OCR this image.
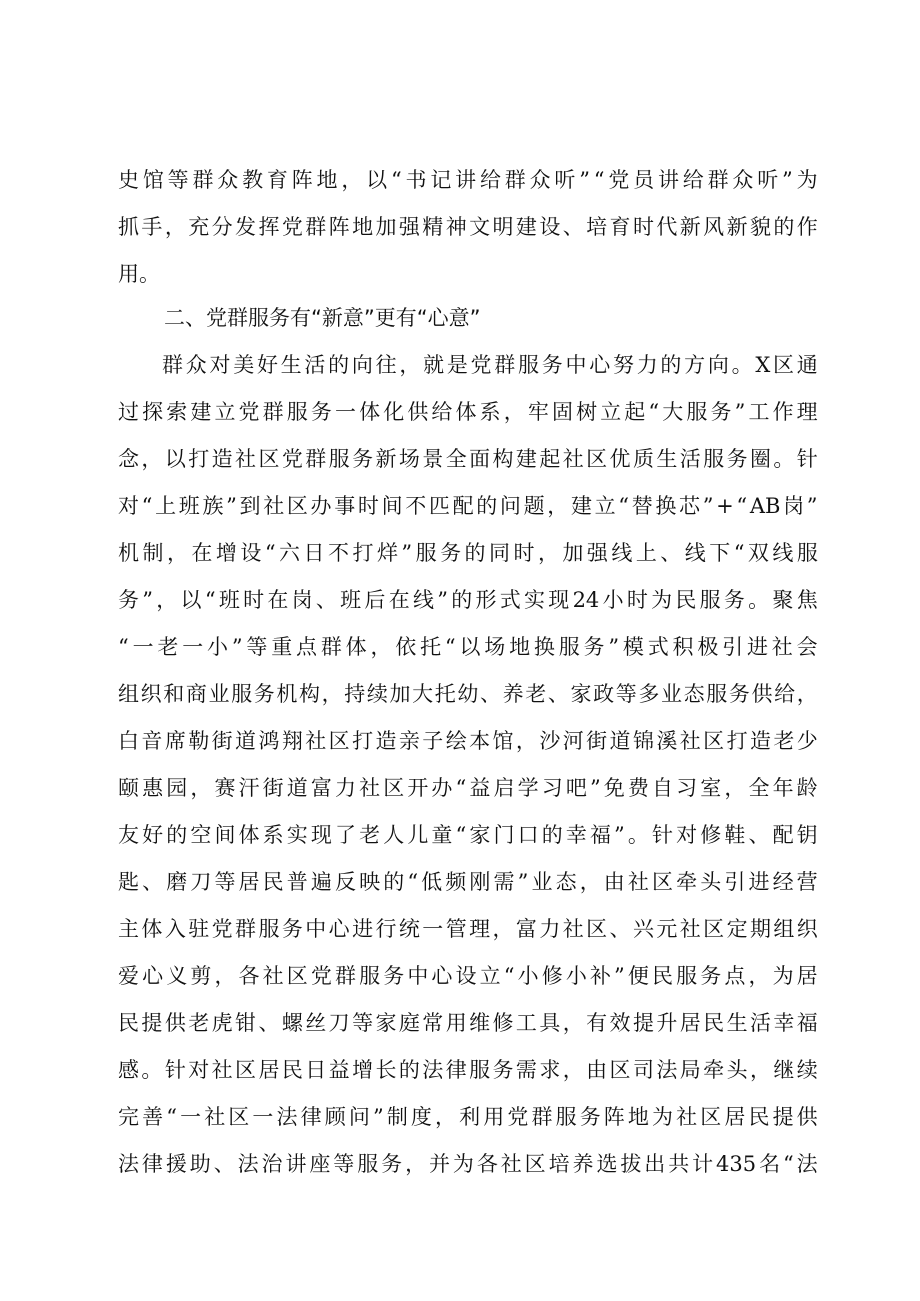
史 馆 等 群 众 教 育 阵 地 ， 以 “ 书 记 讲 给 群 众 听 ” “ 党 员 讲 给 群 众 听 ” 为
抓 手 ， 充 分 发 挥 党 群 阵 地 加 强 精 神 文 明 建 设 、 培 育 时 代 新 风 新 貌 的 作
用。
二、党群服务有“新意”更有“心意”
群 众 对 美 好 生 活 的 向 往 ， 就 是 党 群 服 务 中 心 努 力 的 方 向 。 X 区 通
过 探 索 建 立 党 群 服 务 一 体 化 供 给 体 系 ， 牢 固 树 立 起 “ 大 服 务 ” 工 作 理
念 ， 以 打 造 社 区 党 群 服 务 新 场 景 全 面 构 建 起 社 区 优 质 生 活 服 务 圈 。 针
对 “ 上 班 族 ” 到 社 区 办 事 时 间 不 匹 配 的 问 题 ， 建 立 “ 替 换 芯 ” + “ AB 岗 ”
机 制 ， 在 增 设 “ 六 日 不 打 烊 ” 服 务 的 同 时 ， 加 强 线 上 、 线 下 “ 双 线 服
务 ” ， 以 “ 班 时 在 岗 、 班 后 在 线 ” 的 形 式 实 现 24 小 时 为 民 服 务 。 聚 焦
“ 一 老 一 小 ” 等 重 点 群 体 ， 依 托 “ 以 场 地 换 服 务 ” 模 式 积 极 引 进 社 会
组 织 和 商 业 服 务 机 构 ， 持 续 加 大 托 幼 、 养 老 、 家 政 等 多 业 态 服 务 供 给 ，
白 音 席 勒 街 道 鸿 翔 社 区 打 造 亲 子 绘 本 馆 ， 沙 河 街 道 锦 溪 社 区 打 造 老 少
颐 惠 园 ， 赛 汗 街 道 富 力 社 区 开 办 “ 益 启 学 习 吧 ” 免 费 自 习 室 ， 全 年 龄
友 好 的 空 间 体 系 实 现 了 老 人 儿 童 “ 家 门 口 的 幸 福 ” 。 针 对 修 鞋 、 配 钥
匙 、 磨 刀 等 居 民 普 遍 反 映 的 “ 低 频 刚 需 ” 业 态 ， 由 社 区 牵 头 引 进 经 营
主 体 入 驻 党 群 服 务 中 心 进 行 统 一 管 理 ， 富 力 社 区 、 兴 元 社 区 定 期 组 织
爱 心 义 剪 ， 各 社 区 党 群 服 务 中 心 设 立 “ 小 修 小 补 ” 便 民 服 务 点 ， 为 居
民 提 供 老 虎 钳 、 螺 丝 刀 等 家 庭 常 用 维 修 工 具 ， 有 效 提 升 居 民 生 活 幸 福
感 。 针 对 社 区 居 民 日 益 增 长 的 法 律 服 务 需 求 ， 由 区 司 法 局 牵 头 ， 继 续
完 善 “ 一 社 区 一 法 律 顾 问 ” 制 度 ， 利 用 党 群 服 务 阵 地 为 社 区 居 民 提 供
法 律 援 助 、 法 治 讲 座 等 服 务 ， 并 为 各 社 区 培 养 选 拔 出 共 计 435 名 “ 法
